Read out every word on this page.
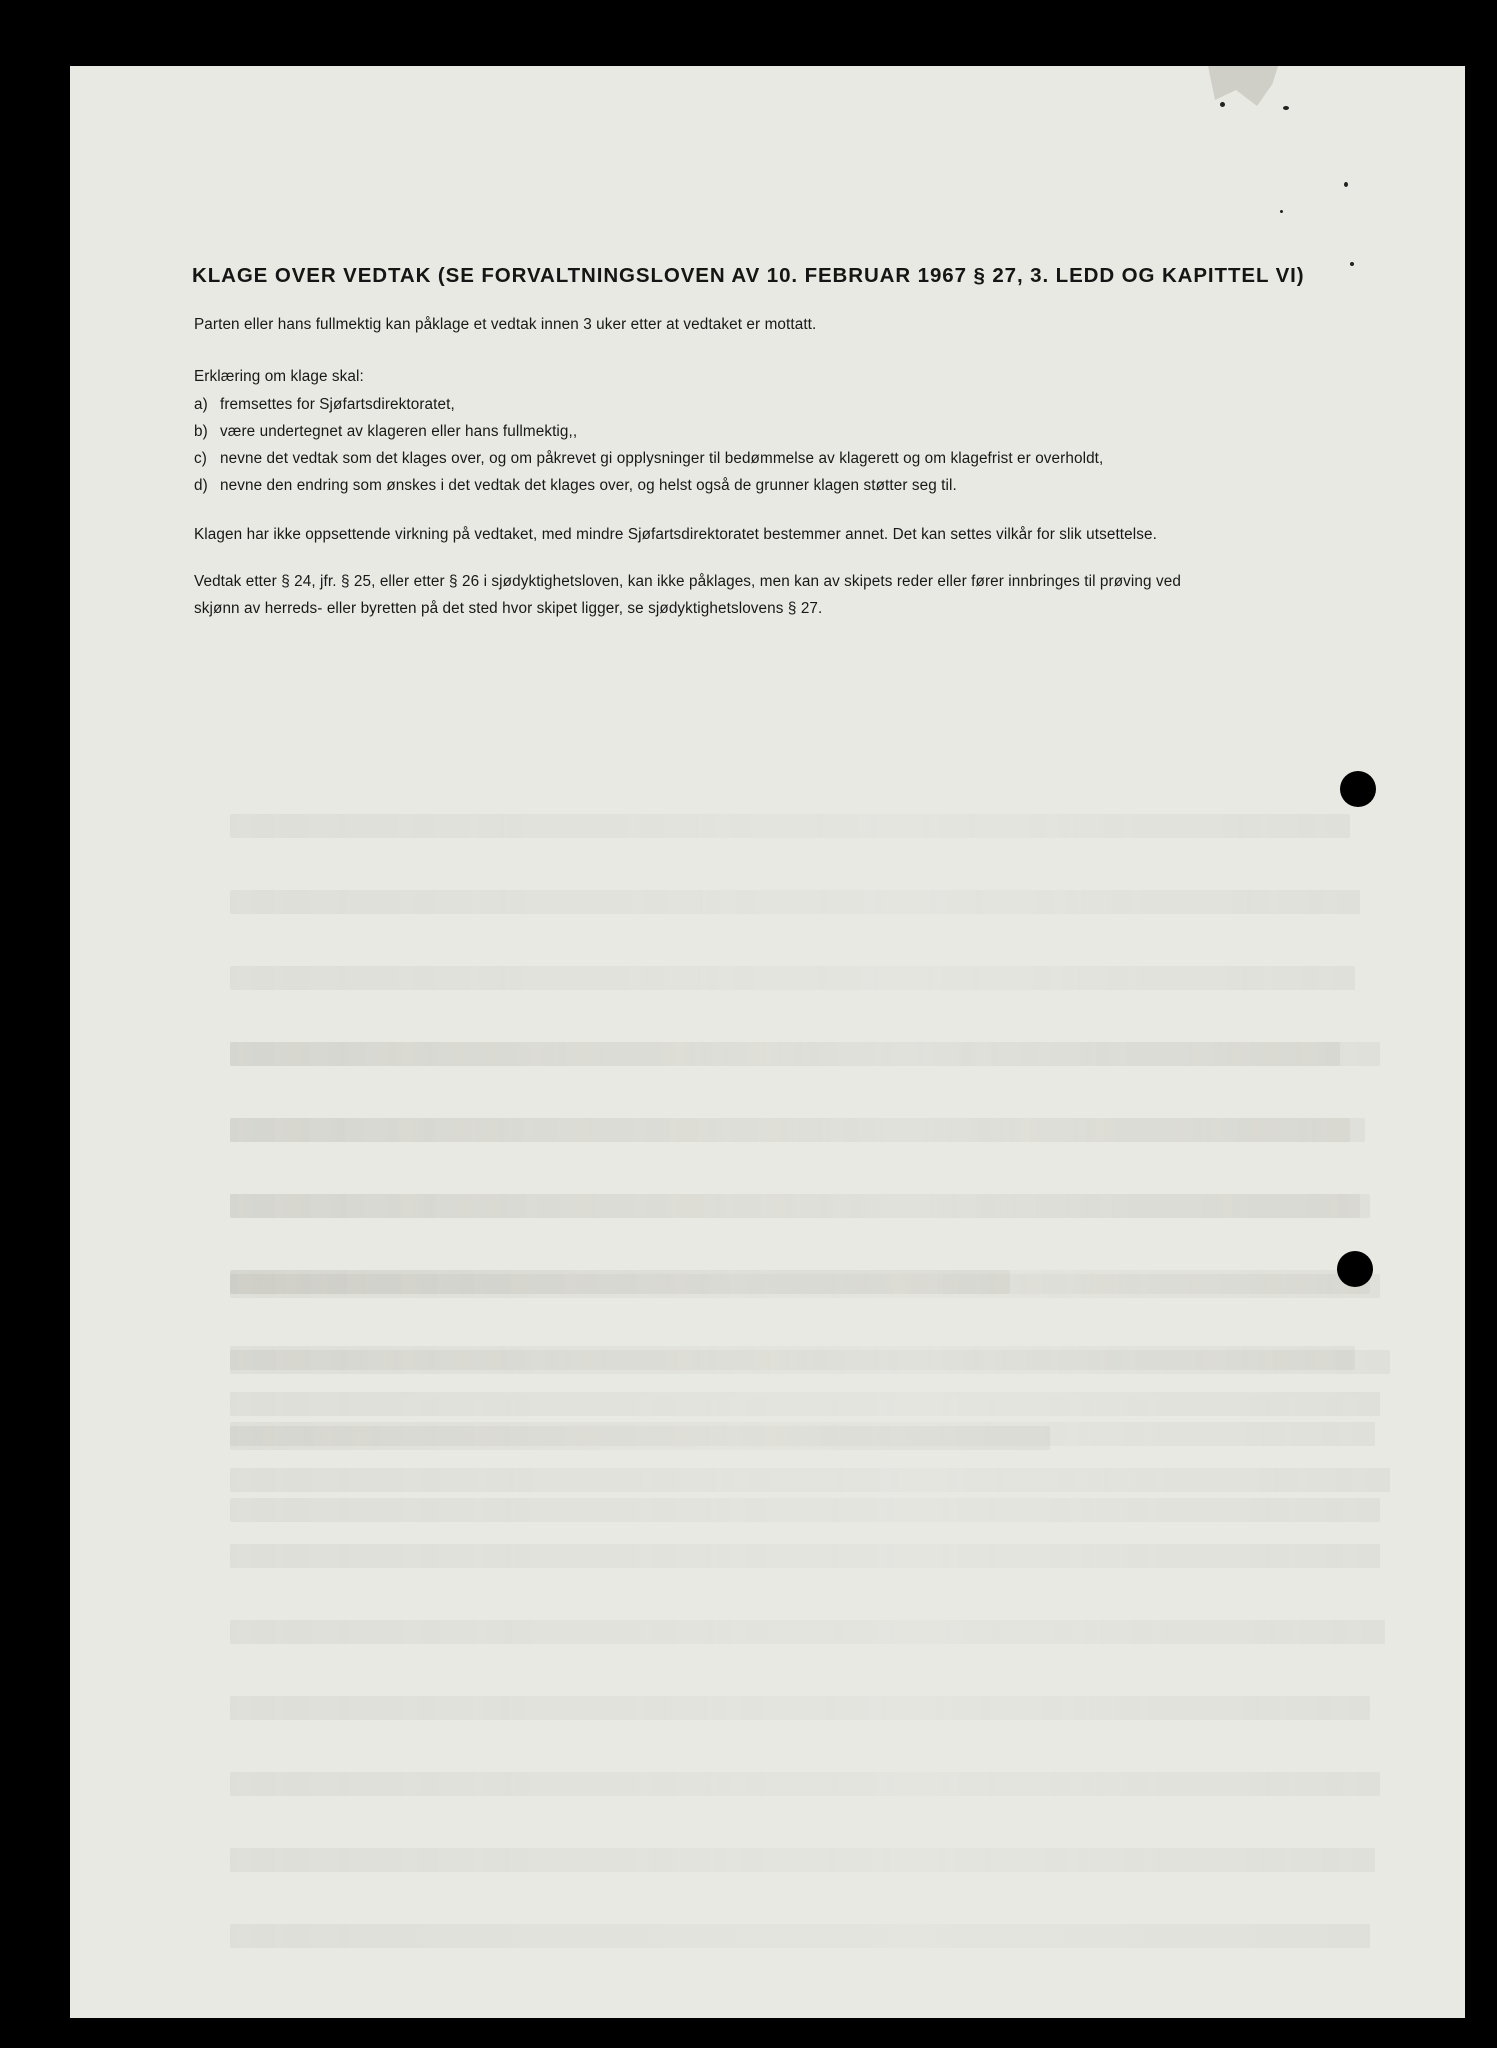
KLAGE OVER VEDTAK (SE FORVALTNINGSLOVEN AV 10. FEBRUAR 1967 § 27, 3. LEDD OG KAPITTEL VI)
Parten eller hans fullmektig kan påklage et vedtak innen 3 uker etter at vedtaket er mottatt.
Erklæring om klage skal:
a) fremsettes for Sjøfartsdirektoratet,
b) være undertegnet av klageren eller hans fullmektig,,
c) nevne det vedtak som det klages over, og om påkrevet gi opplysninger til bedømmelse av klagerett og om klagefrist er overholdt,
d) nevne den endring som ønskes i det vedtak det klages over, og helst også de grunner klagen støtter seg til.
Klagen har ikke oppsettende virkning på vedtaket, med mindre Sjøfartsdirektoratet bestemmer annet. Det kan settes vilkår for slik utsettelse.
Vedtak etter § 24, jfr. § 25, eller etter § 26 i sjødyktighetsloven, kan ikke påklages, men kan av skipets reder eller fører innbringes til prøving ved
skjønn av herreds- eller byretten på det sted hvor skipet ligger, se sjødyktighetslovens § 27.
